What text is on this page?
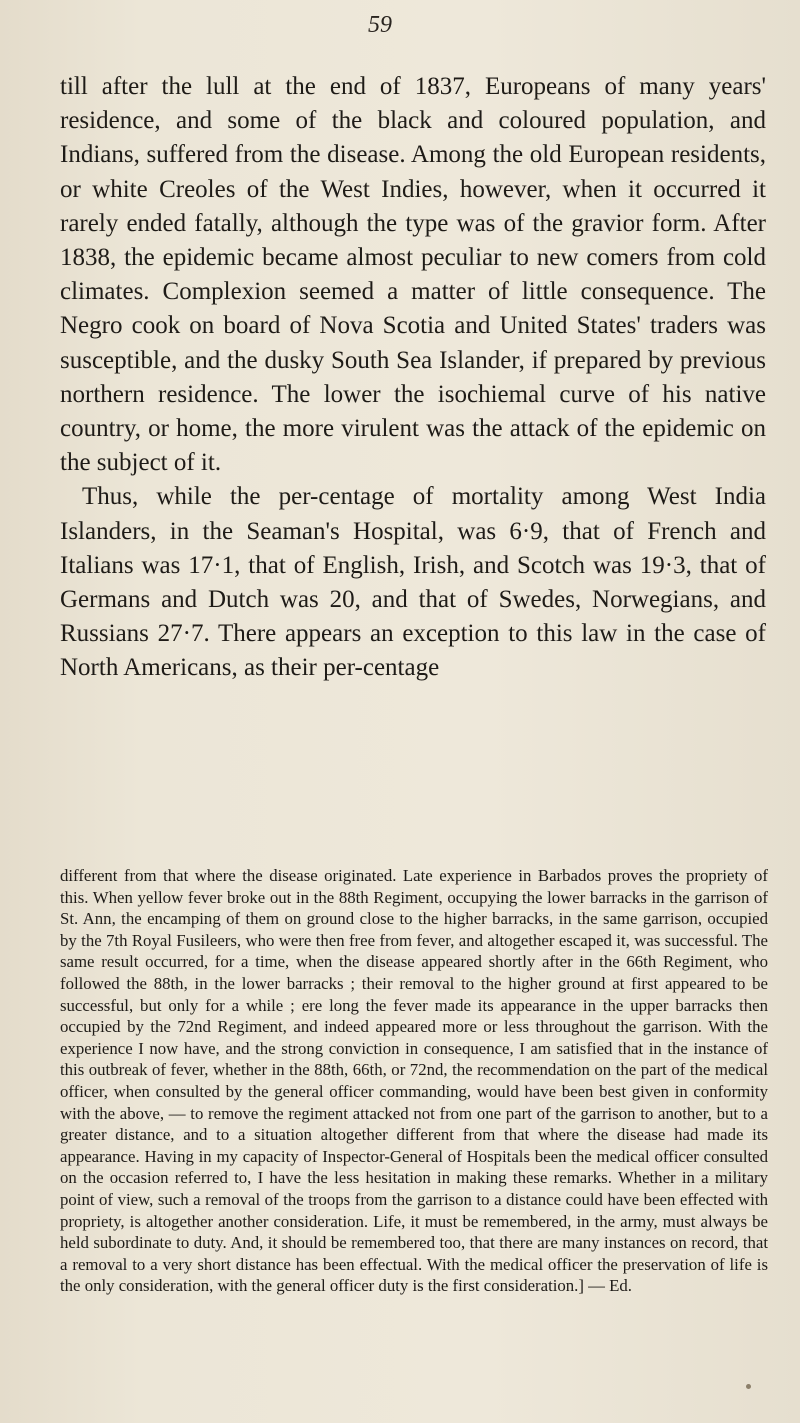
59

till after the lull at the end of 1837, Europeans of many years' residence, and some of the black and coloured population, and Indians, suffered from the disease. Among the old European residents, or white Creoles of the West Indies, however, when it occurred it rarely ended fatally, although the type was of the gravior form. After 1838, the epidemic became almost peculiar to new comers from cold climates. Complexion seemed a matter of little consequence. The Negro cook on board of Nova Scotia and United States' traders was susceptible, and the dusky South Sea Islander, if prepared by previous northern residence. The lower the isochiemal curve of his native country, or home, the more virulent was the attack of the epidemic on the subject of it.

Thus, while the per-centage of mortality among West India Islanders, in the Seaman's Hospital, was 6·9, that of French and Italians was 17·1, that of English, Irish, and Scotch was 19·3, that of Germans and Dutch was 20, and that of Swedes, Norwegians, and Russians 27·7. There appears an exception to this law in the case of North Americans, as their per-centage

different from that where the disease originated. Late experience in Barbados proves the propriety of this. When yellow fever broke out in the 88th Regiment, occupying the lower barracks in the garrison of St. Ann, the encamping of them on ground close to the higher barracks, in the same garrison, occupied by the 7th Royal Fusileers, who were then free from fever, and altogether escaped it, was successful. The same result occurred, for a time, when the disease appeared shortly after in the 66th Regiment, who followed the 88th, in the lower barracks ; their removal to the higher ground at first appeared to be successful, but only for a while ; ere long the fever made its appearance in the upper barracks then occupied by the 72nd Regiment, and indeed appeared more or less throughout the garrison. With the experience I now have, and the strong conviction in consequence, I am satisfied that in the instance of this outbreak of fever, whether in the 88th, 66th, or 72nd, the recommendation on the part of the medical officer, when consulted by the general officer commanding, would have been best given in conformity with the above, — to remove the regiment attacked not from one part of the garrison to another, but to a greater distance, and to a situation altogether different from that where the disease had made its appearance. Having in my capacity of Inspector-General of Hospitals been the medical officer consulted on the occasion referred to, I have the less hesitation in making these remarks. Whether in a military point of view, such a removal of the troops from the garrison to a distance could have been effected with propriety, is altogether another consideration. Life, it must be remembered, in the army, must always be held subordinate to duty. And, it should be remembered too, that there are many instances on record, that a removal to a very short distance has been effectual. With the medical officer the preservation of life is the only consideration, with the general officer duty is the first consideration.] — Ed.
